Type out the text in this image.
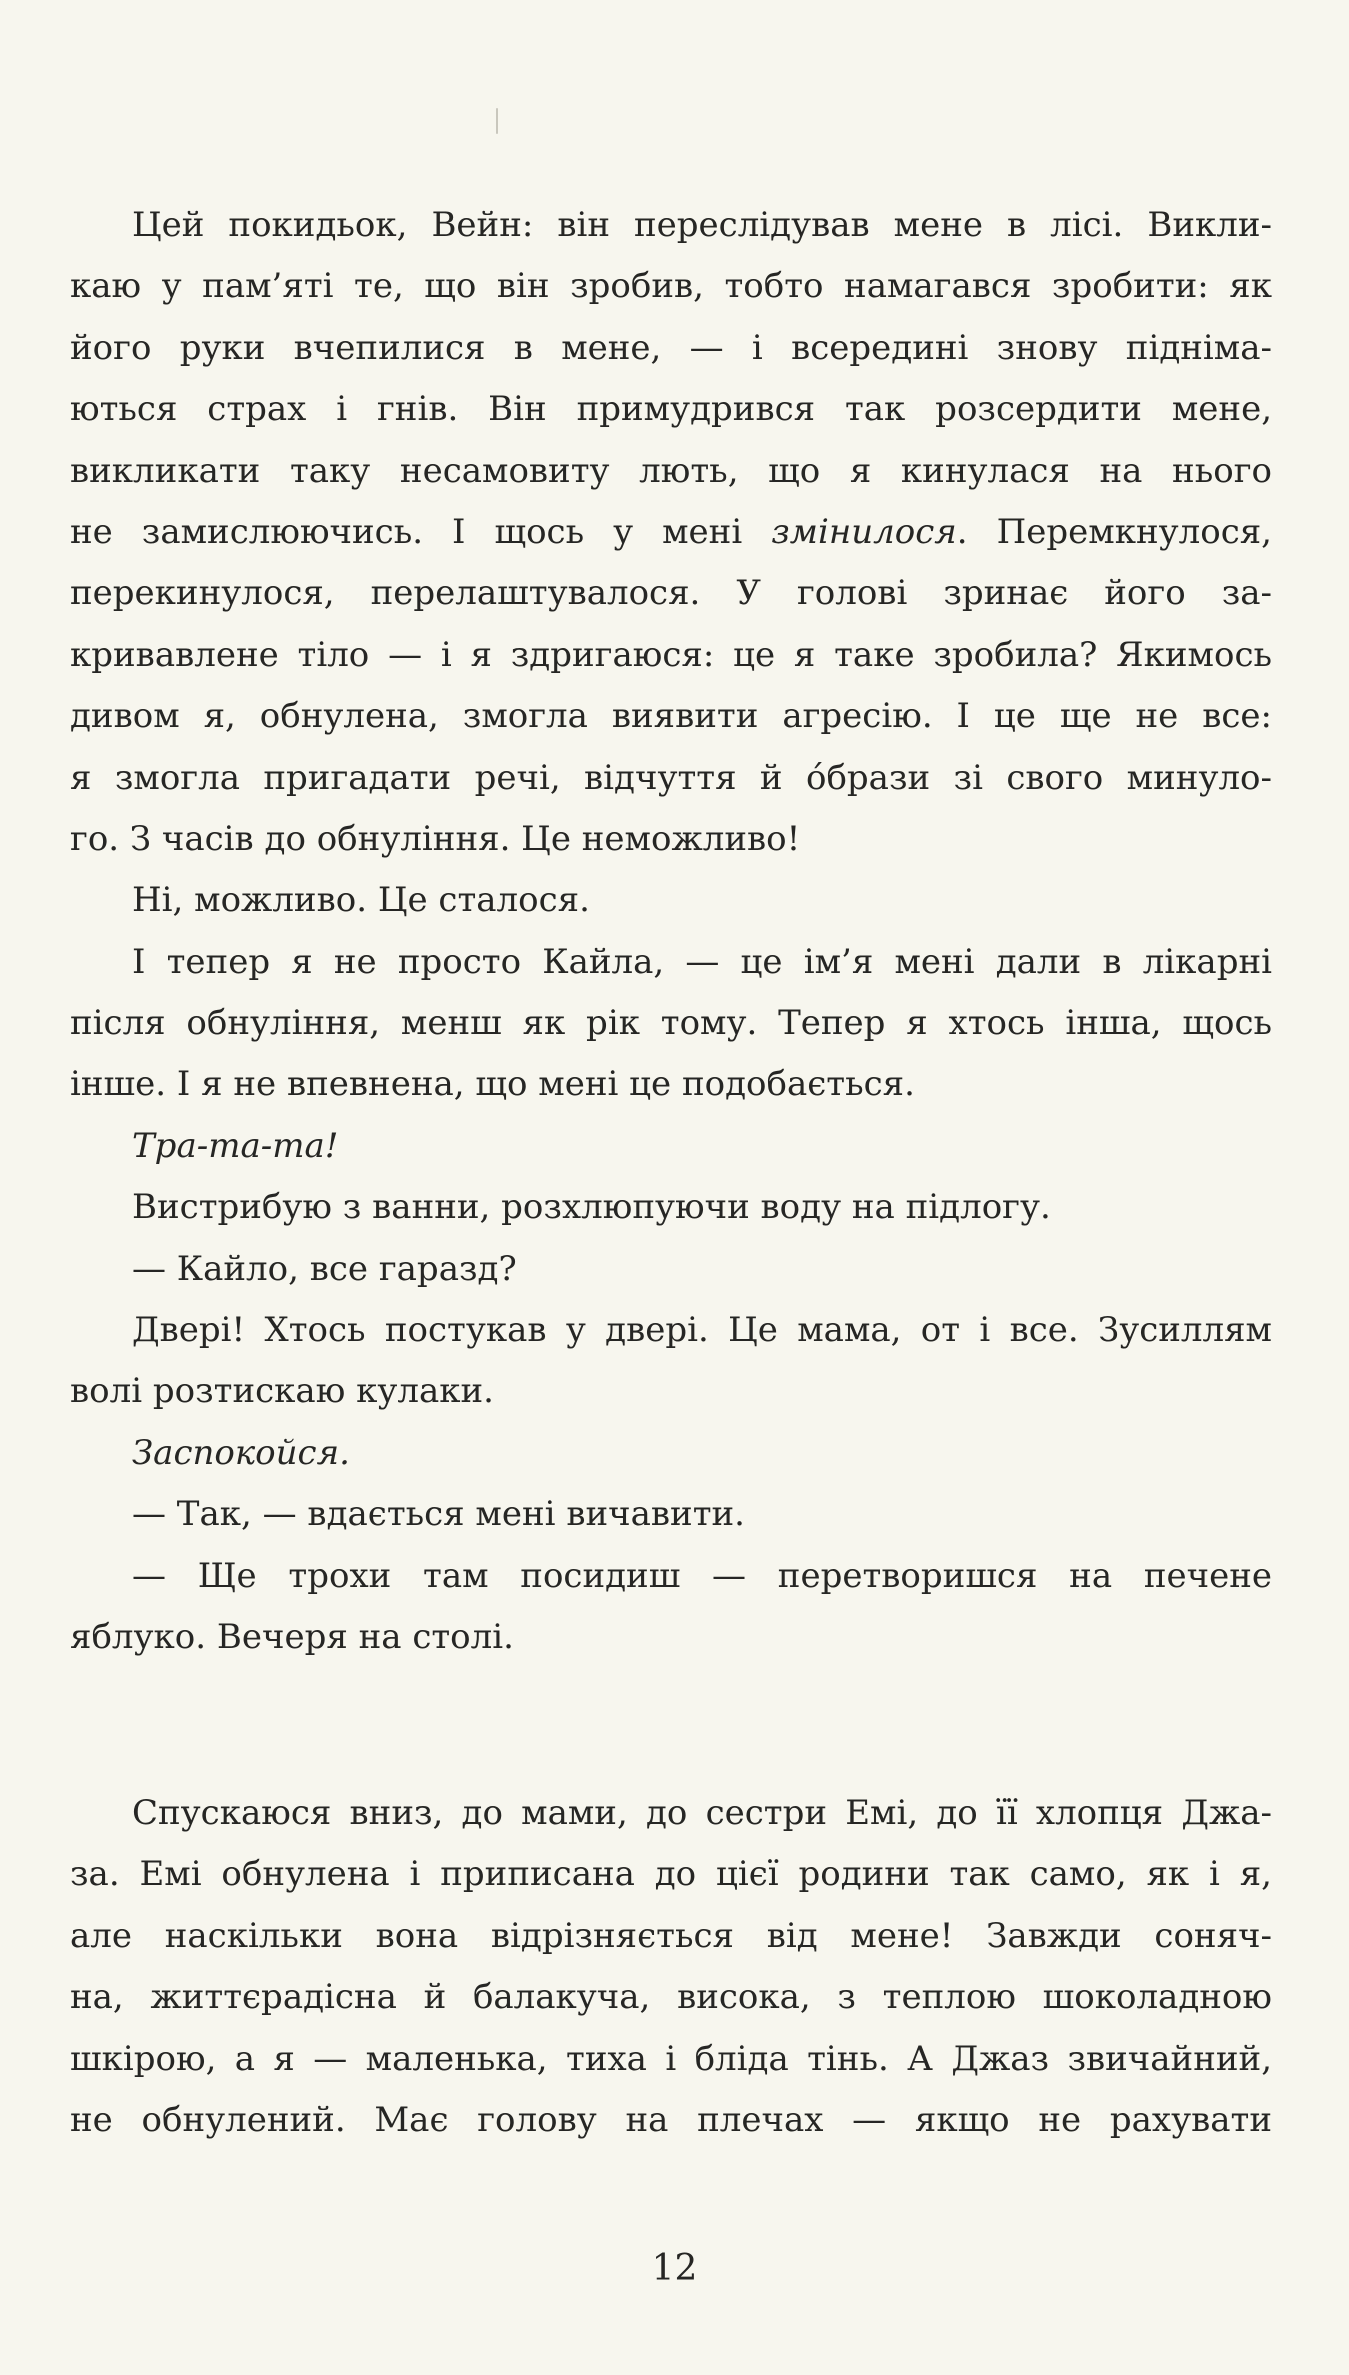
Цей покидьок, Вейн: він переслідував мене в лісі. Викли-
каю у пам’яті те, що він зробив, тобто намагався зробити: як
його руки вчепилися в мене, — і всередині знову підніма-
ються страх і гнів. Він примудрився так розсердити мене,
викликати таку несамовиту лють, що я кинулася на нього
не замислюючись. І щось у мені змінилося. Перемкнулося,
перекинулося, перелаштувалося. У голові зринає його за-
кривавлене тіло — і я здригаюся: це я таке зробила? Якимось
дивом я, обнулена, змогла виявити агресію. І це ще не все:
я змогла пригадати речі, відчуття й óбрази зі свого минуло-
го. З часів до обнуління. Це неможливо!
Ні, можливо. Це сталося.
І тепер я не просто Кайла, — це ім’я мені дали в лікарні
після обнуління, менш як рік тому. Тепер я хтось інша, щось
інше. І я не впевнена, що мені це подобається.
Тра-та-та!
Вистрибую з ванни, розхлюпуючи воду на підлогу.
— Кайло, все гаразд?
Двері! Хтось постукав у двері. Це мама, от і все. Зусиллям
волі розтискаю кулаки.
Заспокойся.
— Так, — вдається мені вичавити.
— Ще трохи там посидиш — перетворишся на печене
яблуко. Вечеря на столі.
Спускаюся вниз, до мами, до сестри Емі, до її хлопця Джа-
за. Емі обнулена і приписана до цієї родини так само, як і я,
але наскільки вона відрізняється від мене! Завжди соняч-
на, життєрадісна й балакуча, висока, з теплою шоколадною
шкірою, а я — маленька, тиха і бліда тінь. А Джаз звичайний,
не обнулений. Має голову на плечах — якщо не рахувати
12
